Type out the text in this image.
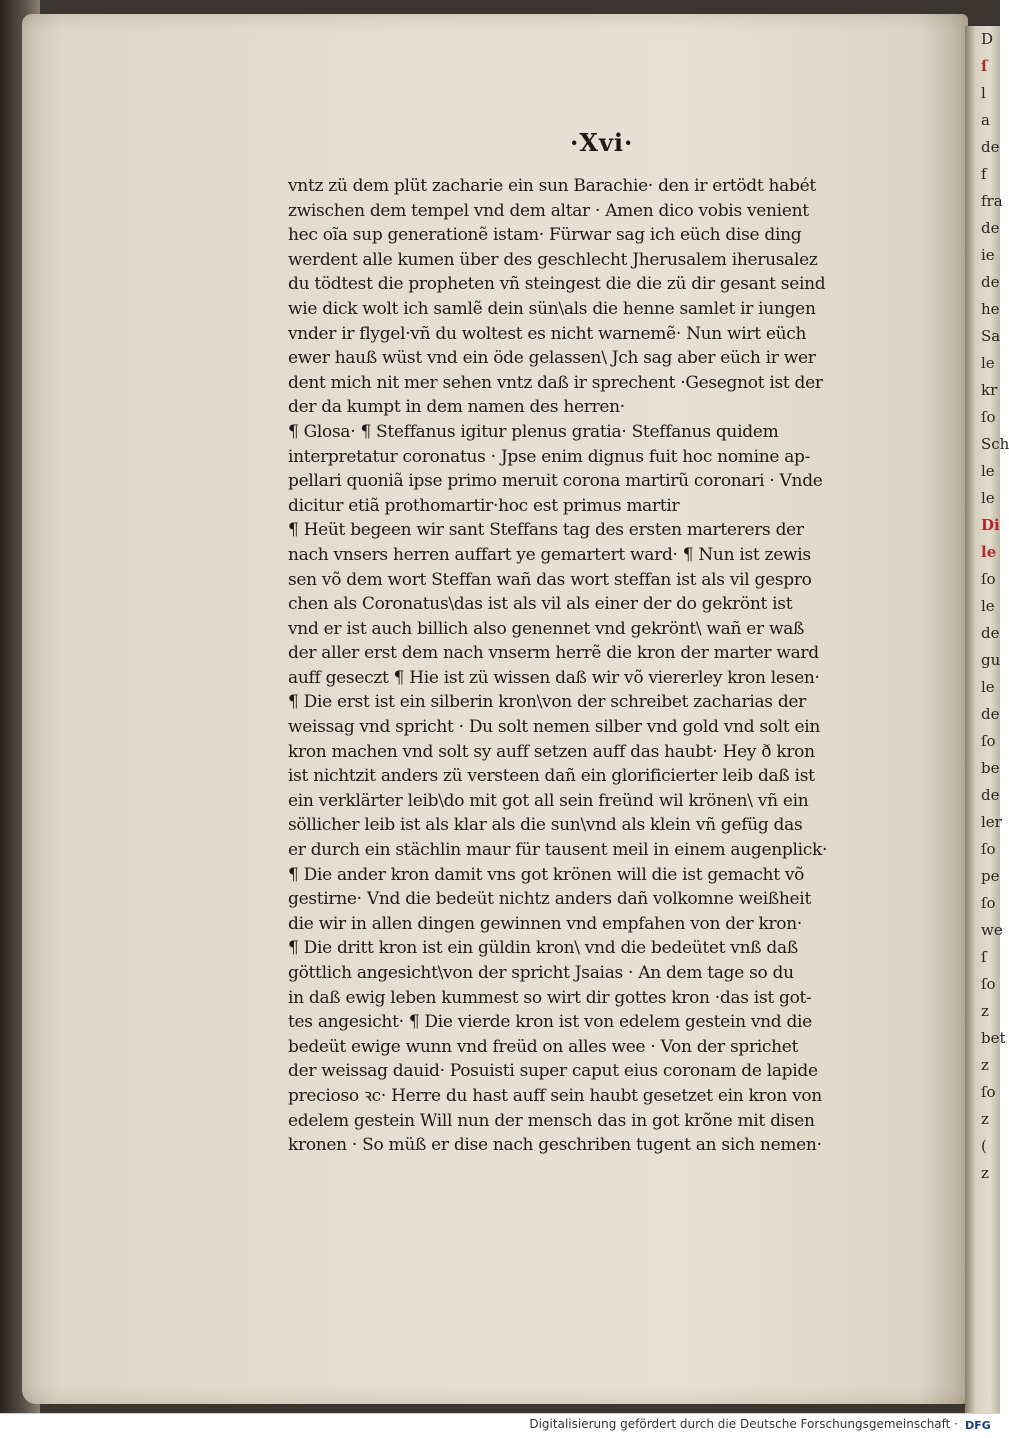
·Xvi·
D
ſ
l
a
de
f
fra
de
ie
de
he
Sa
le
kr
ſo
Sch
le
le
Di
le
ſo
le
de
gu
le
de
ſo
be
de
ler
ſo
pe
ſo
we
ſ
ſo
z
bet
z
ſo
z
(
z
vntz zü dem plüt zacharie ein sun Barachie· den ir ertödt habét
zwischen dem tempel vnd dem altar · Amen dico vobis venient
hec oĩa sup generationẽ istam· Fürwar sag ich eüch dise ding
werdent alle kumen über des geschlecht Jherusalem iherusalez
du tödtest die propheten vñ steingest die die zü dir gesant seind
wie dick wolt ich samlẽ dein sün\als die henne samlet ir iungen
vnder ir flygel·vñ du woltest es nicht warnemẽ· Nun wirt eüch
ewer hauß wüst vnd ein öde gelassen\ Jch sag aber eüch ir wer
dent mich nit mer sehen vntz daß ir sprechent ·Gesegnot ist der
der da kumpt in dem namen des herren·
¶ Glosa· ¶ Steffanus igitur plenus gratia· Steffanus quidem
interpretatur coronatus · Jpse enim dignus fuit hoc nomine ap-
pellari quoniã ipse primo meruit corona martirũ coronari · Vnde
dicitur etiã prothomartir·hoc est primus martir
¶ Heüt begeen wir sant Steffans tag des ersten marterers der
nach vnsers herren auffart ye gemartert ward· ¶ Nun ist zewis
sen võ dem wort Steffan wañ das wort steffan ist als vil gespro
chen als Coronatus\das ist als vil als einer der do gekrönt ist
vnd er ist auch billich also genennet vnd gekrönt\ wañ er waß
der aller erst dem nach vnserm herrẽ die kron der marter ward
auff geseczt ¶ Hie ist zü wissen daß wir võ viererley kron lesen·
¶ Die erst ist ein silberin kron\von der schreibet zacharias der
weissag vnd spricht · Du solt nemen silber vnd gold vnd solt ein
kron machen vnd solt sy auff setzen auff das haubt· Hey ð kron
ist nichtzit anders zü versteen dañ ein glorificierter leib daß ist
ein verklärter leib\do mit got all sein freünd wil krönen\ vñ ein
söllicher leib ist als klar als die sun\vnd als klein vñ gefüg das
er durch ein stächlin maur für tausent meil in einem augenplick·
¶ Die ander kron damit vns got krönen will die ist gemacht võ
gestirne· Vnd die bedeüt nichtz anders dañ volkomne weißheit
die wir in allen dingen gewinnen vnd empfahen von der kron·
¶ Die dritt kron ist ein güldin kron\ vnd die bedeütet vnß daß
göttlich angesicht\von der spricht Jsaias · An dem tage so du
in daß ewig leben kummest so wirt dir gottes kron ·das ist got-
tes angesicht· ¶ Die vierde kron ist von edelem gestein vnd die
bedeüt ewige wunn vnd freüd on alles wee · Von der sprichet
der weissag dauid· Posuisti super caput eius coronam de lapide
precioso ꝛc· Herre du hast auff sein haubt gesetzet ein kron von
edelem gestein Will nun der mensch das in got krõne mit disen
kronen · So müß er dise nach geschriben tugent an sich nemen·
Digitalisierung gefördert durch die Deutsche Forschungsgemeinschaft · DFG
